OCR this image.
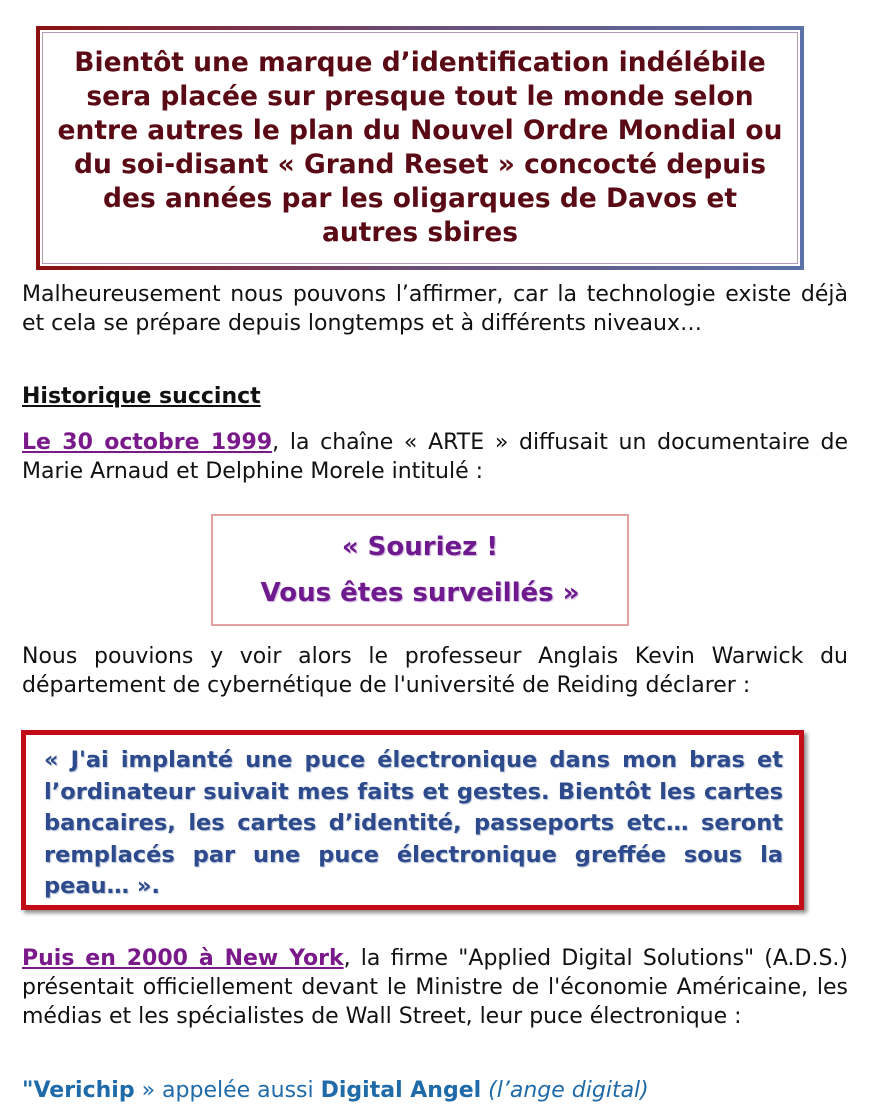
Bientôt une marque d’identification indélébile sera placée sur presque tout le monde selon entre autres le plan du Nouvel Ordre Mondial ou du soi-disant « Grand Reset » concocté depuis des années par les oligarques de Davos et autres sbires

Malheureusement nous pouvons l’affirmer, car la technologie existe déjà et cela se prépare depuis longtemps et à différents niveaux…

Historique succinct

Le 30 octobre 1999, la chaîne « ARTE » diffusait un documentaire de Marie Arnaud et Delphine Morele intitulé :

« Souriez !
Vous êtes surveillés »

Nous pouvions y voir alors le professeur Anglais Kevin Warwick du département de cybernétique de l'université de Reiding déclarer :

« J'ai implanté une puce électronique dans mon bras et l’ordinateur suivait mes faits et gestes. Bientôt les cartes bancaires, les cartes d’identité, passeports etc… seront remplacés par une puce électronique greffée sous la peau… ».

Puis en 2000 à New York, la firme "Applied Digital Solutions" (A.D.S.) présentait officiellement devant le Ministre de l'économie Américaine, les médias et les spécialistes de Wall Street, leur puce électronique :

"Verichip » appelée aussi Digital Angel (l’ange digital)
